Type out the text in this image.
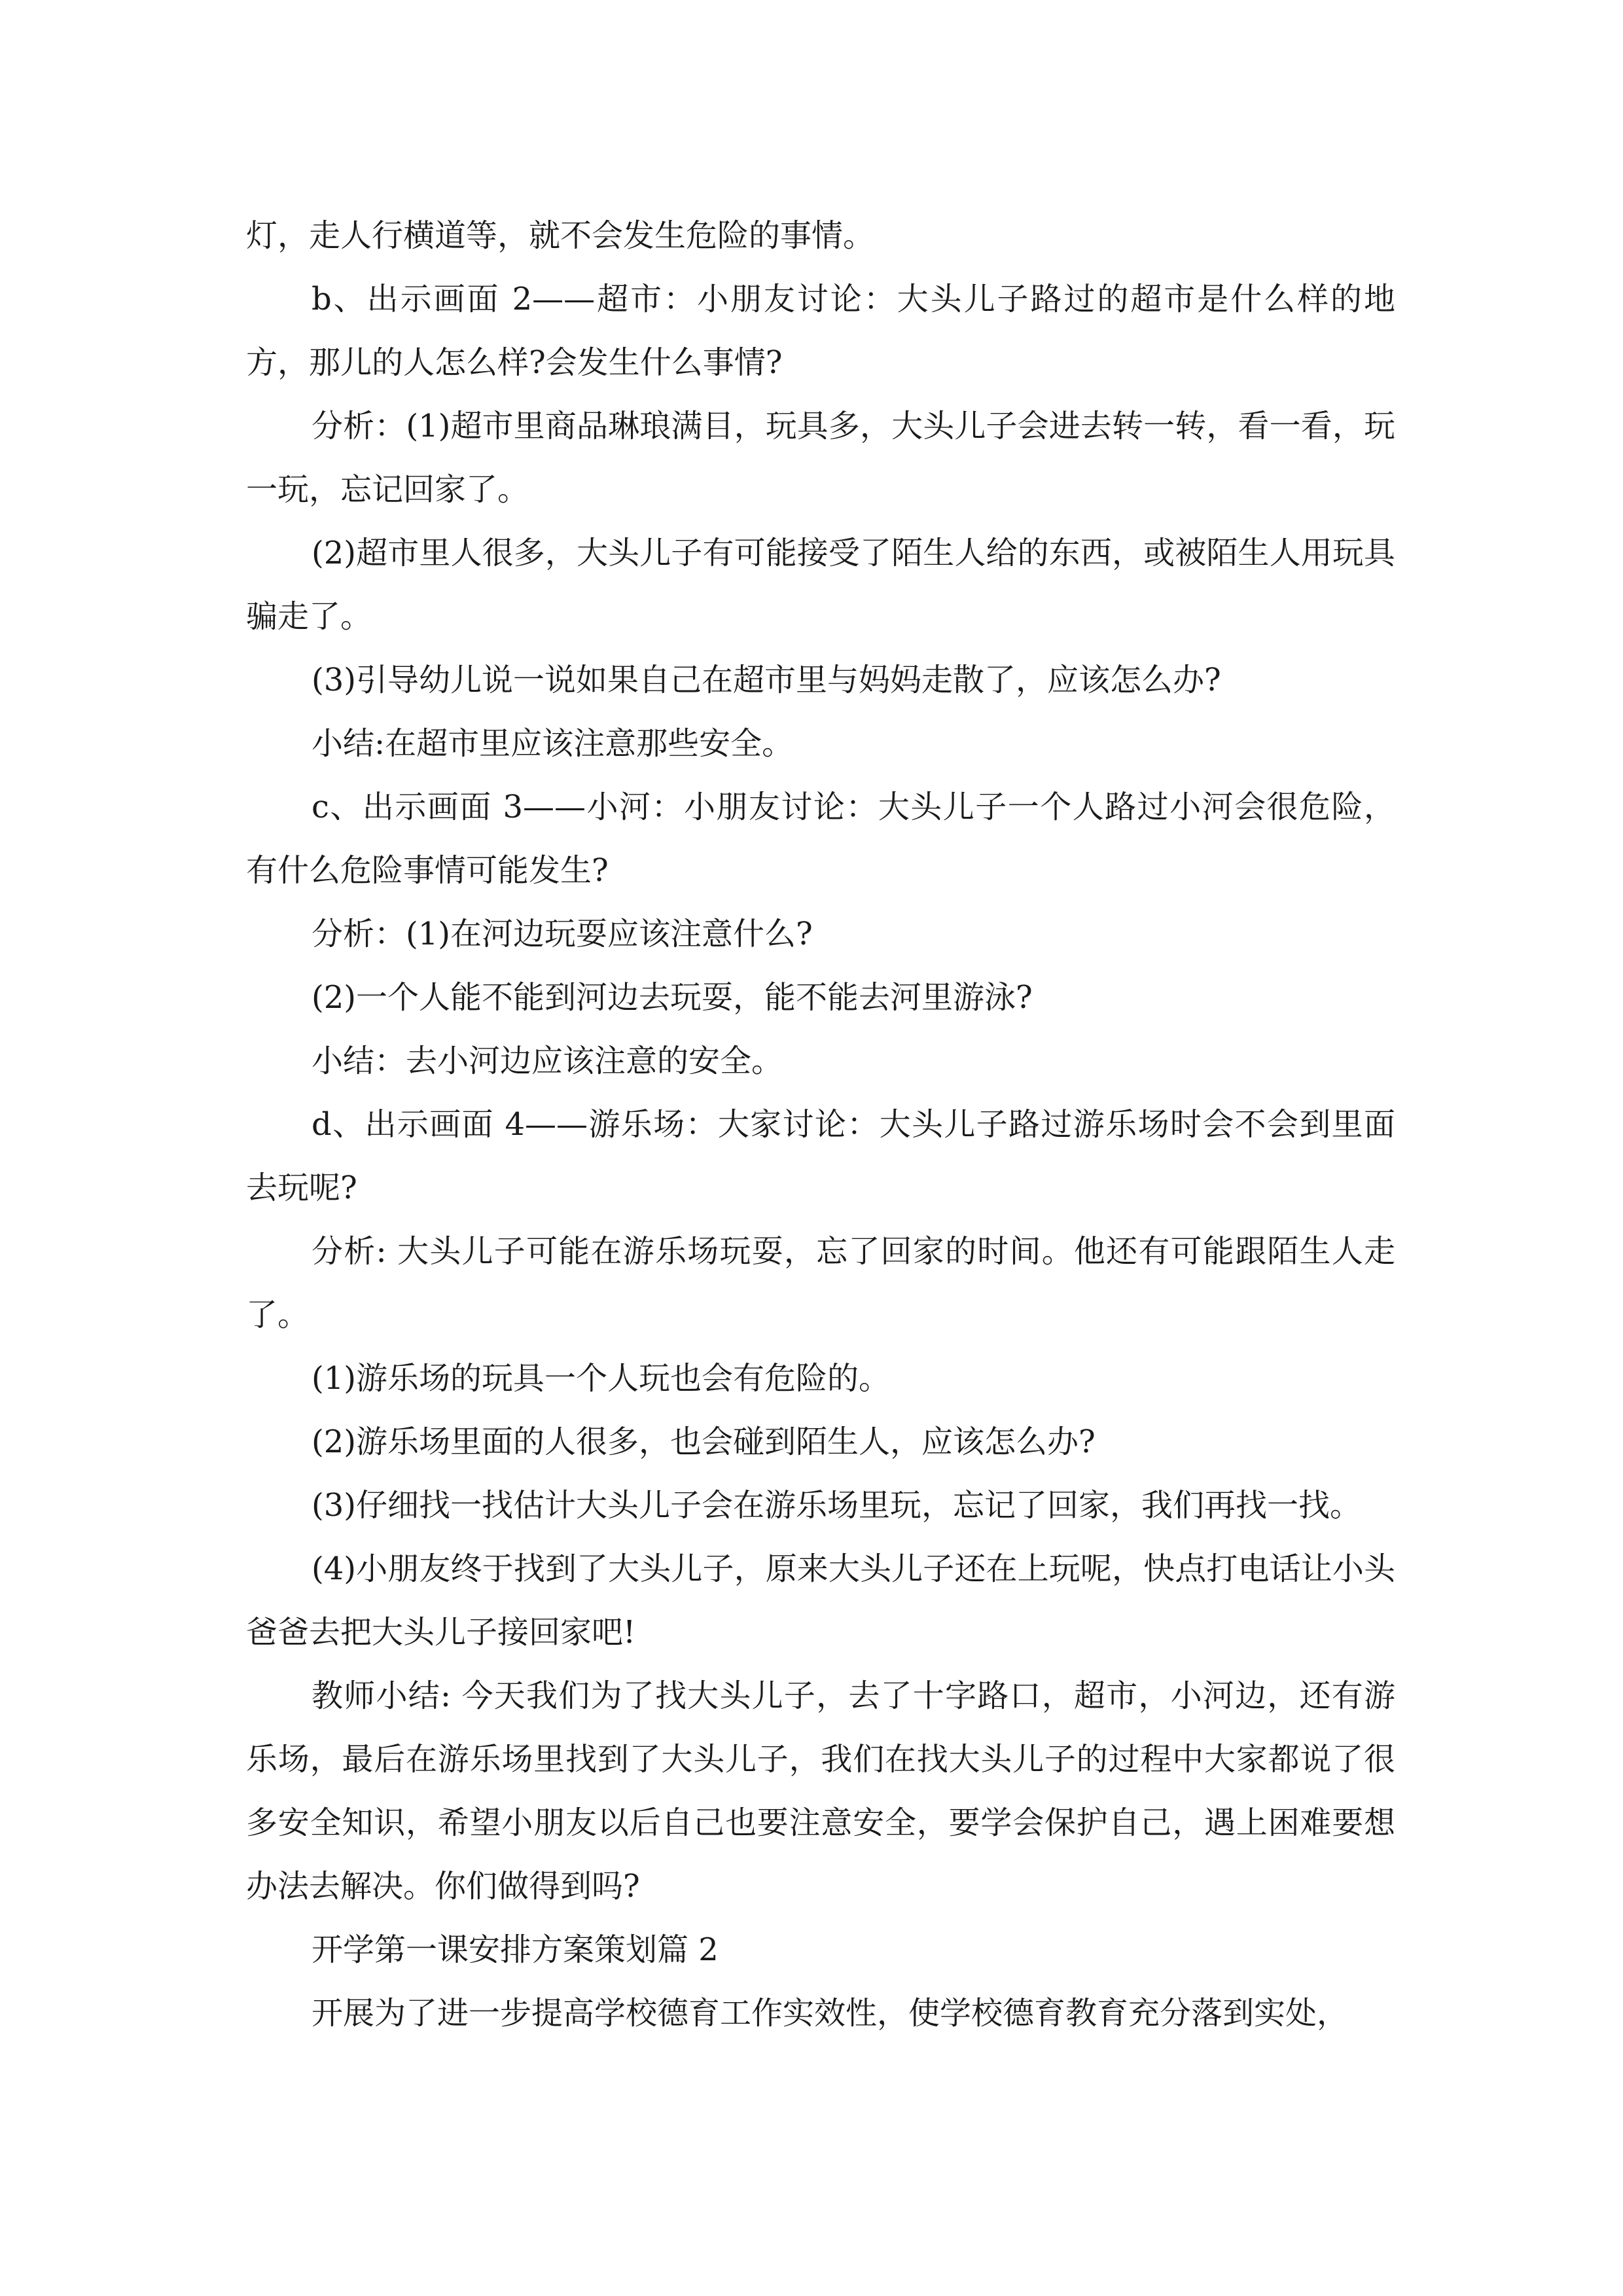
灯，走人行横道等，就不会发生危险的事情。

b、出示画面 2——超市：小朋友讨论：大头儿子路过的超市是什么样的地方，那儿的人怎么样?会发生什么事情?

分析：(1)超市里商品琳琅满目，玩具多，大头儿子会进去转一转，看一看，玩一玩，忘记回家了。

(2)超市里人很多，大头儿子有可能接受了陌生人给的东西，或被陌生人用玩具骗走了。

(3)引导幼儿说一说如果自己在超市里与妈妈走散了，应该怎么办?

小结:在超市里应该注意那些安全。

c、出示画面 3——小河：小朋友讨论：大头儿子一个人路过小河会很危险，有什么危险事情可能发生?

分析：(1)在河边玩耍应该注意什么?

(2)一个人能不能到河边去玩耍，能不能去河里游泳?

小结：去小河边应该注意的安全。

d、出示画面 4——游乐场：大家讨论：大头儿子路过游乐场时会不会到里面去玩呢?

分析: 大头儿子可能在游乐场玩耍，忘了回家的时间。他还有可能跟陌生人走了。

(1)游乐场的玩具一个人玩也会有危险的。

(2)游乐场里面的人很多，也会碰到陌生人，应该怎么办?

(3)仔细找一找估计大头儿子会在游乐场里玩，忘记了回家，我们再找一找。

(4)小朋友终于找到了大头儿子，原来大头儿子还在上玩呢，快点打电话让小头爸爸去把大头儿子接回家吧!

教师小结: 今天我们为了找大头儿子，去了十字路口，超市，小河边，还有游乐场，最后在游乐场里找到了大头儿子，我们在找大头儿子的过程中大家都说了很多安全知识，希望小朋友以后自己也要注意安全，要学会保护自己，遇上困难要想办法去解决。你们做得到吗?

开学第一课安排方案策划篇 2

开展为了进一步提高学校德育工作实效性，使学校德育教育充分落到实处，
